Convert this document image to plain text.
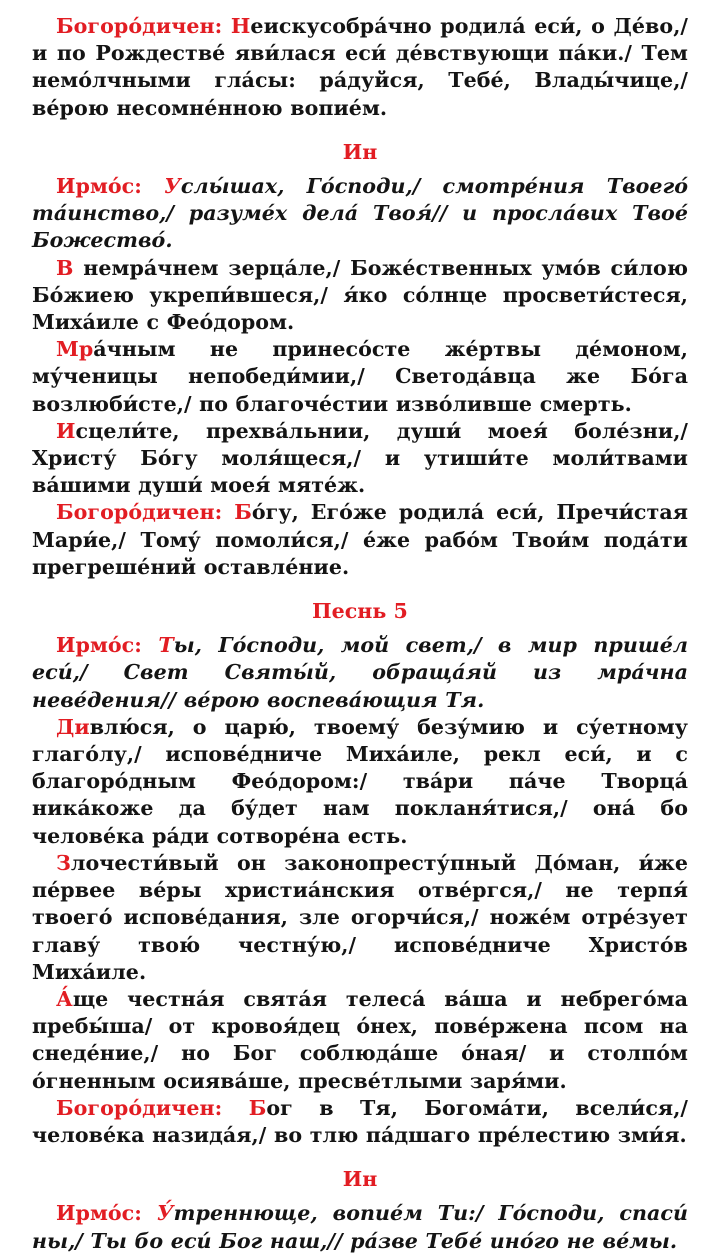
Богоро́дичен: Неискусобра́чно родила́ еси́, о Де́во,/ и по Рождестве́ яви́лася еси́ де́вствующи па́ки./ Тем немо́лчными гла́сы: ра́дуйся, Тебе́, Влады́чице,/ ве́рою несомне́нною вопие́м.

Ин

Ирмо́с: Услы́шах, Го́споди,/ смотре́ния Твоего́ та́инство,/ разуме́х дела́ Твоя́// и просла́вих Твое́ Божество́.

В немра́чнем зерца́ле,/ Боже́ственных умо́в си́лою Бо́жиею укрепи́вшеся,/ я́ко со́лнце просвети́стеся, Миха́иле с Фео́дором.

Мра́чным не принесо́сте же́ртвы де́моном, му́ченицы непобеди́мии,/ Светода́вца же Бо́га возлюби́сте,/ по благоче́стии изво́ливше смерть.

Исцели́те, прехва́льнии, души́ моея́ боле́зни,/ Христу́ Бо́гу моля́щеся,/ и утиши́те моли́твами ва́шими души́ моея́ мяте́ж.

Богоро́дичен: Бо́гу, Его́же родила́ еси́, Пречи́стая Мари́е,/ Тому́ помоли́ся,/ е́же рабо́м Твои́м пода́ти прегреше́ний оставле́ние.

Песнь 5

Ирмо́с: Ты, Го́споди, мой свет,/ в мир прише́л еси́,/ Свет Святы́й, обраща́яй из мра́чна неве́дения// ве́рою воспева́ющия Тя.

Дивлю́ся, о царю́, твоему́ безу́мию и су́етному глаго́лу,/ испове́дниче Миха́иле, рекл еси́, и с благоро́дным Фео́дором:/ тва́ри па́че Творца́ ника́коже да бу́дет нам покланя́тися,/ она́ бо челове́ка ра́ди сотворе́на есть.

Злочести́вый он законопресту́пный До́ман, и́же пе́рвее ве́ры христиа́нския отве́ргся,/ не терпя́ твоего́ испове́дания, зле огорчи́ся,/ ноже́м отре́зует главу́ твою́ честну́ю,/ испове́дниче Христо́в Миха́иле.

А́ще честна́я свята́я телеса́ ва́ша и небрего́ма пребы́ша/ от кровоя́дец о́нех, пове́ржена псом на снеде́ние,/ но Бог соблюда́ше о́ная/ и столпо́м о́гненным осиява́ше, пресве́тлыми заря́ми.

Богоро́дичен: Бог в Тя, Богома́ти, всели́ся,/ челове́ка назида́я,/ во тлю па́дшаго пре́лестию зми́я.

Ин

Ирмо́с: У́треннюще, вопие́м Ти:/ Го́споди, спаси́ ны,/ Ты бо еси́ Бог наш,// ра́зве Тебе́ ино́го не ве́мы.
